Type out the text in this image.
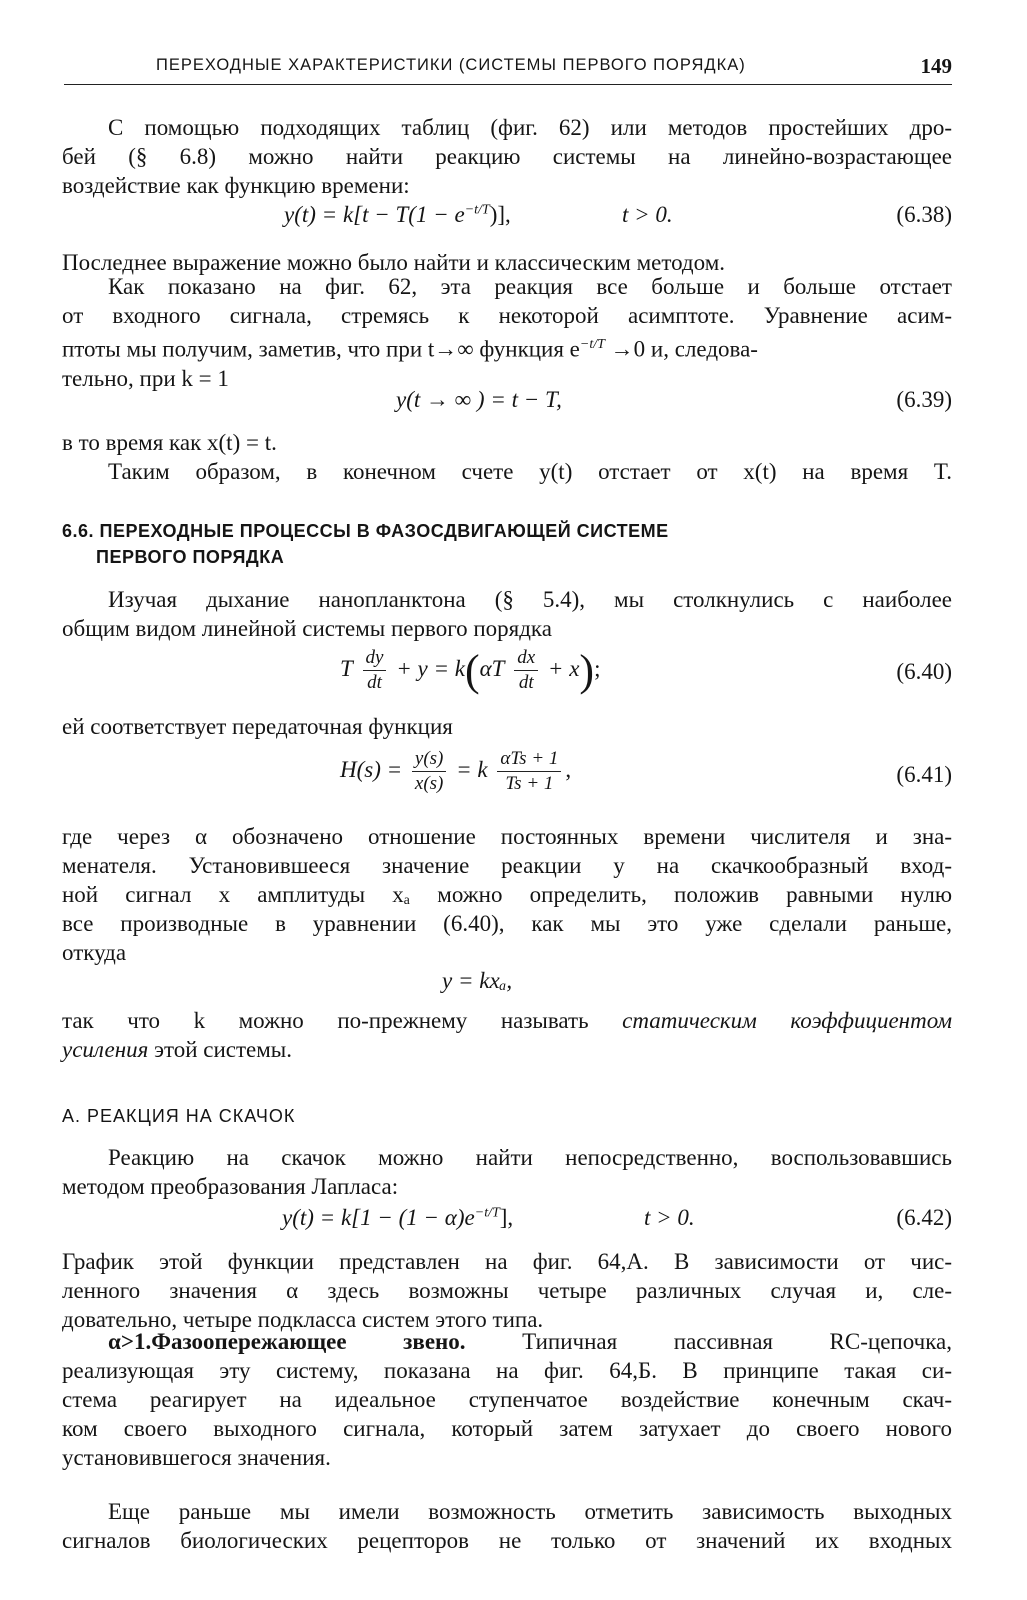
ПЕРЕХОДНЫЕ ХАРАКТЕРИСТИКИ (СИСТЕМЫ ПЕРВОГО ПОРЯДКА)	149
С помощью подходящих таблиц (фиг. 62) или методов простейших дро-
бей (§ 6.8) можно найти реакцию системы на линейно-возрастающее
воздействие как функцию времени:
$y(t) = k[t - T(1 - e^{-t/T})]$,	t > 0.	(6.38)
Последнее выражение можно было найти и классическим методом.
Как показано на фиг. 62, эта реакция все больше и больше отстает
от входного сигнала, стремясь к некоторой асимптоте. Уравнение асим-
птоты мы получим, заметив, что при t→∞ функция $e^{-t/T} \to 0$ и, следова-
тельно, при k = 1
y(t → ∞ ) = t − T,	(6.39)
в то время как x(t) = t.
Таким образом, в конечном счете y(t) отстает от x(t) на время T.
6.6. ПЕРЕХОДНЫЕ ПРОЦЕССЫ В ФАЗОСДВИГАЮЩЕЙ СИСТЕМЕ
ПЕРВОГО ПОРЯДКА
Изучая дыхание нанопланктона (§ 5.4), мы столкнулись с наиболее
общим видом линейной системы первого порядка
T $\frac{dy}{dt} + y = k(\alpha T \frac{dx}{dt} + x)$;	(6.40)
ей соответствует передаточная функция
$H(s) = \frac{y(s)}{x(s)} = k \frac{\text{αTs + 1}}{Ts + 1}$ ,	(6.41)
где через α обозначено отношение постоянных времени числителя и зна-
менателя. Установившееся значение реакции y на скачкообразный вход-
ной сигнал x амплитуды xₐ можно определить, положив равными нулю
все производные в уравнении (6.40), как мы это уже сделали раньше,
откуда
y = kxₐ,
так что k можно по-прежнему называть статическим коэффициентом
усиления этой системы.
А. РЕАКЦИЯ НА СКАЧОК
Реакцию на скачок можно найти непосредственно, воспользовавшись
методом преобразования Лапласа:
$y(t) = k[1 - (1 - \alpha)e^{-t/T}]$,	t > 0.	(6.42)
График этой функции представлен на фиг. 64,А. В зависимости от чис-
ленного значения α здесь возможны четыре различных случая и, сле-
довательно, четыре подкласса систем этого типа.
α>1.Фазоопережающее звено. Типичная пассивная RC-цепочка,
реализующая эту систему, показана на фиг. 64,Б. В принципе такая си-
стема реагирует на идеальное ступенчатое воздействие конечным скач-
ком своего выходного сигнала, который затем затухает до своего нового
установившегося значения.
Еще раньше мы имели возможность отметить зависимость выходных
сигналов биологических рецепторов не только от значений их входных
